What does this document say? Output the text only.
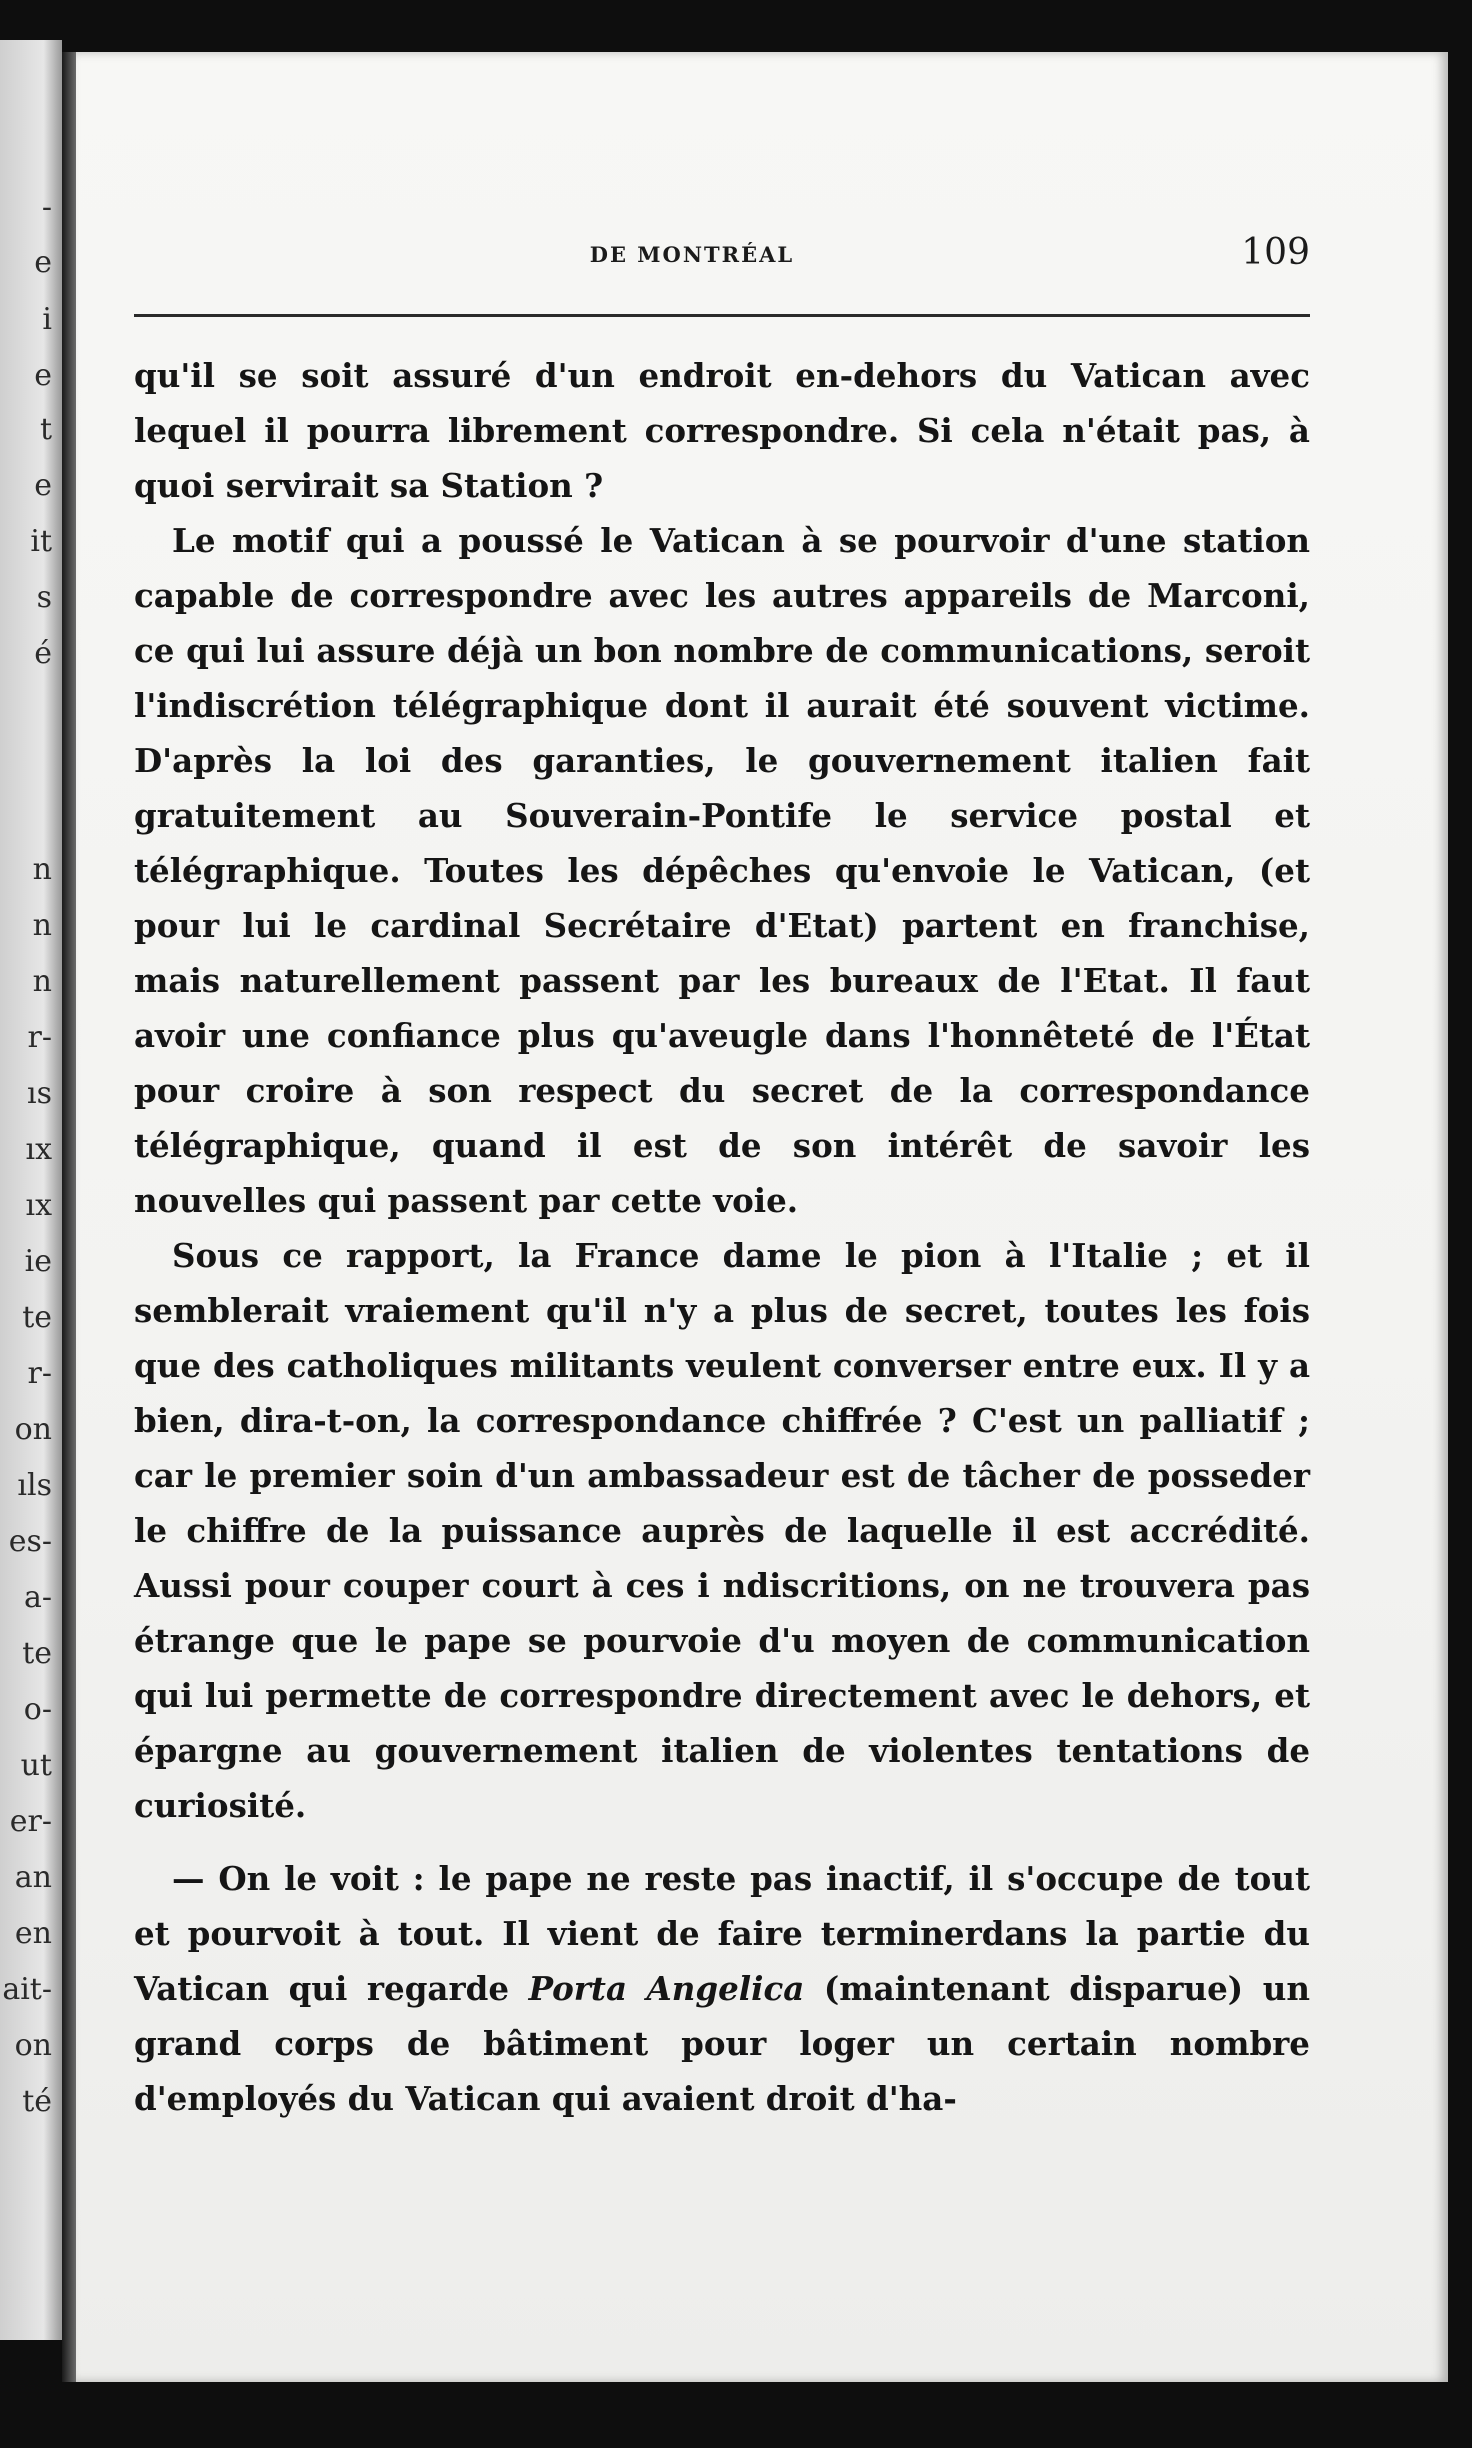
-
e
i
e
t
e
it
s
é
n
n
n
r-
ıs
ıx
ıx
ie
te
r-
on
ıls
es-
a-
te
o-
ut
er-
an
en
ait-
on
té
DE MONTRÉAL	109

qu'il se soit assuré d'un endroit en-dehors du Vatican avec lequel il pourra librement correspondre. Si cela n'était pas, à quoi servirait sa Station ?

Le motif qui a poussé le Vatican à se pourvoir d'une station capable de correspondre avec les autres appareils de Marconi, ce qui lui assure déjà un bon nombre de communications, seroit l'indiscrétion télégraphique dont il aurait été souvent victime. D'après la loi des garanties, le gouvernement italien fait gratuitement au Souverain-Pontife le service postal et télégraphique. Toutes les dépêches qu'envoie le Vatican, (et pour lui le cardinal Secrétaire d'Etat) partent en franchise, mais naturellement passent par les bureaux de l'Etat. Il faut avoir une confiance plus qu'aveugle dans l'honnêteté de l'État pour croire à son respect du secret de la correspondance télégraphique, quand il est de son intérêt de savoir les nouvelles qui passent par cette voie.

Sous ce rapport, la France dame le pion à l'Italie ; et il semblerait vraiement qu'il n'y a plus de secret, toutes les fois que des catholiques militants veulent converser entre eux. Il y a bien, dira-t-on, la correspondance chiffrée ? C'est un palliatif ; car le premier soin d'un ambassadeur est de tâcher de posseder le chiffre de la puissance auprès de laquelle il est accrédité. Aussi pour couper court à ces i ndiscritions, on ne trouvera pas étrange que le pape se pourvoie d'u moyen de communication qui lui permette de correspondre directement avec le dehors, et épargne au gouvernement italien de violentes tentations de curiosité.

— On le voit : le pape ne reste pas inactif, il s'occupe de tout et pourvoit à tout. Il vient de faire terminerdans la partie du Vatican qui regarde Porta Angelica (maintenant disparue) un grand corps de bâtiment pour loger un certain nombre d'employés du Vatican qui avaient droit d'ha-
